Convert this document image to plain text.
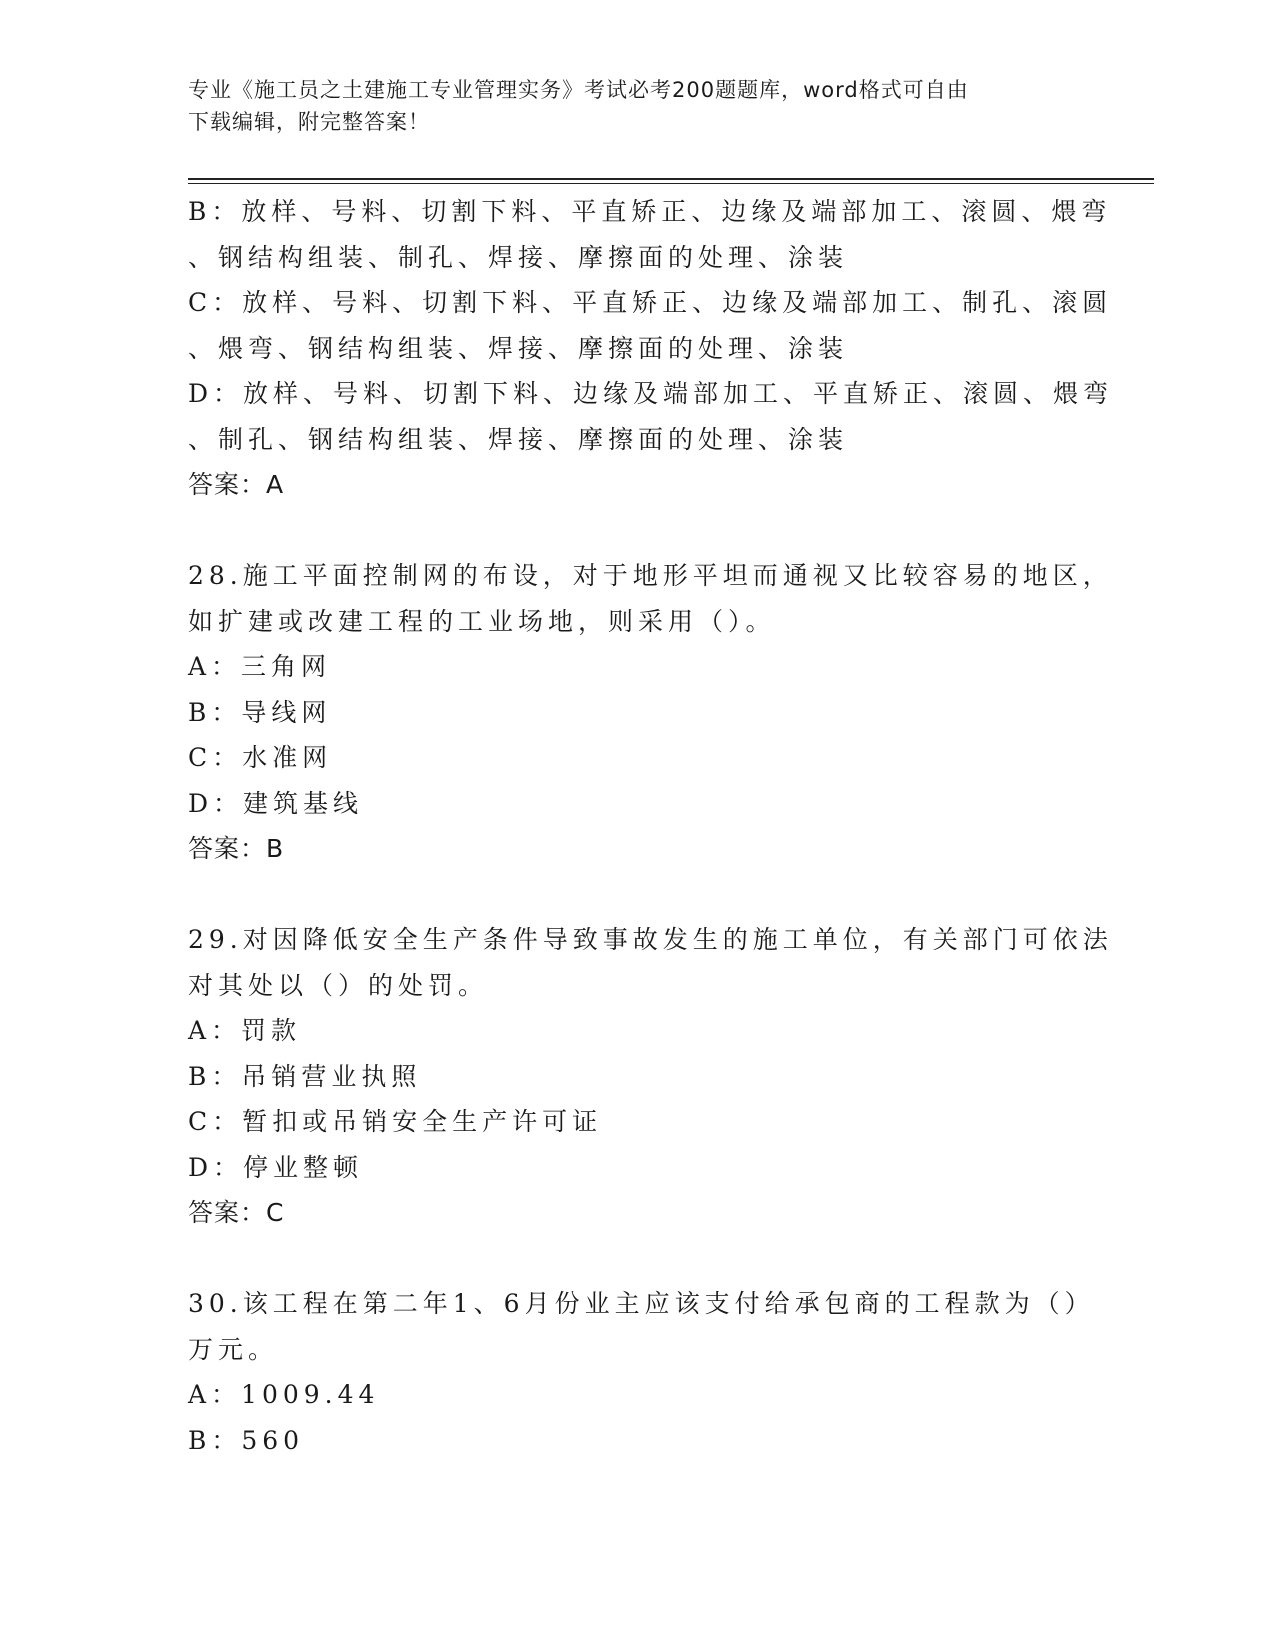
专业《施工员之土建施工专业管理实务》考试必考200题题库，word格式可自由
下载编辑，附完整答案！
B：放样、号料、切割下料、平直矫正、边缘及端部加工、滚圆、煨弯
、钢结构组装、制孔、焊接、摩擦面的处理、涂装
C：放样、号料、切割下料、平直矫正、边缘及端部加工、制孔、滚圆
、煨弯、钢结构组装、焊接、摩擦面的处理、涂装
D：放样、号料、切割下料、边缘及端部加工、平直矫正、滚圆、煨弯
、制孔、钢结构组装、焊接、摩擦面的处理、涂装
答案：A
28.施工平面控制网的布设，对于地形平坦而通视又比较容易的地区，
如扩建或改建工程的工业场地，则采用（）。
A：三角网
B：导线网
C：水准网
D：建筑基线
答案：B
29.对因降低安全生产条件导致事故发生的施工单位，有关部门可依法
对其处以（）的处罚。
A：罚款
B：吊销营业执照
C：暂扣或吊销安全生产许可证
D：停业整顿
答案：C
30.该工程在第二年1、6月份业主应该支付给承包商的工程款为（）
万元。
A：1009.44
B：560
